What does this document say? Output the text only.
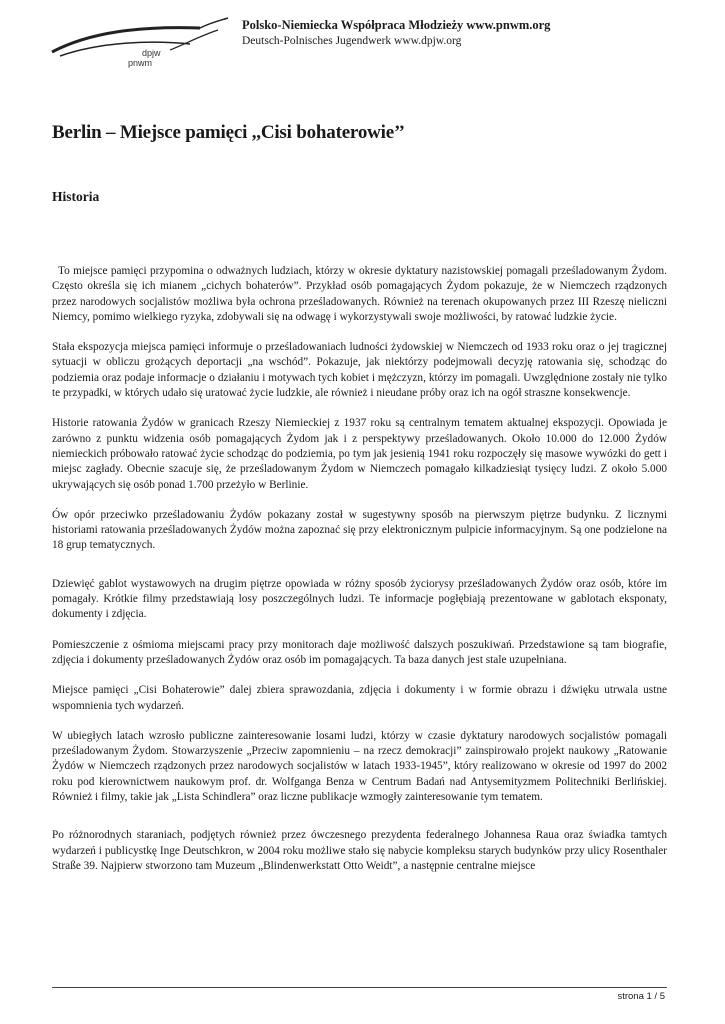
dpjw
pnwm
Polsko-Niemiecka Współpraca Młodzieży www.pnwm.org
Deutsch-Polnisches Jugendwerk www.dpjw.org
Berlin – Miejsce pamięci ,,Cisi bohaterowie’’
Historia

To miejsce pamięci przypomina o odważnych ludziach, którzy w okresie dyktatury nazistowskiej pomagali prześladowanym Żydom. Często określa się ich mianem „cichych bohaterów”. Przykład osób pomagających Żydom pokazuje, że w Niemczech rządzonych przez narodowych socjalistów możliwa była ochrona prześladowanych. Również na terenach okupowanych przez III Rzeszę nieliczni Niemcy, pomimo wielkiego ryzyka, zdobywali się na odwagę i wykorzystywali swoje możliwości, by ratować ludzkie życie.

Stała ekspozycja miejsca pamięci informuje o prześladowaniach ludności żydowskiej w Niemczech od 1933 roku oraz o jej tragicznej sytuacji w obliczu grożących deportacji „na wschód”. Pokazuje, jak niektórzy podejmowali decyzję ratowania się, schodząc do podziemia oraz podaje informacje o działaniu i motywach tych kobiet i mężczyzn, którzy im pomagali. Uwzględnione zostały nie tylko te przypadki, w których udało się uratować życie ludzkie, ale również i nieudane próby oraz ich na ogół straszne konsekwencje.

Historie ratowania Żydów w granicach Rzeszy Niemieckiej z 1937 roku są centralnym tematem aktualnej ekspozycji. Opowiada je zarówno z punktu widzenia osób pomagających Żydom jak i z perspektywy prześladowanych. Około 10.000 do 12.000 Żydów niemieckich próbowało ratować życie schodząc do podziemia, po tym jak jesienią 1941 roku rozpoczęły się masowe wywózki do gett i miejsc zagłady. Obecnie szacuje się, że prześladowanym Żydom w Niemczech pomagało kilkadziesiąt tysięcy ludzi. Z około 5.000 ukrywających się osób ponad 1.700 przeżyło w Berlinie.

Ów opór przeciwko prześladowaniu Żydów pokazany został w sugestywny sposób na pierwszym piętrze budynku. Z licznymi historiami ratowania prześladowanych Żydów można zapoznać się przy elektronicznym pulpicie informacyjnym. Są one podzielone na 18 grup tematycznych.

Dziewięć gablot wystawowych na drugim piętrze opowiada w różny sposób życiorysy prześladowanych Żydów oraz osób, które im pomagały. Krótkie filmy przedstawiają losy poszczególnych ludzi. Te informacje pogłębiają prezentowane w gablotach eksponaty, dokumenty i zdjęcia.

Pomieszczenie z ośmioma miejscami pracy przy monitorach daje możliwość dalszych poszukiwań. Przedstawione są tam biografie, zdjęcia i dokumenty prześladowanych Żydów oraz osób im pomagających. Ta baza danych jest stale uzupełniana.

Miejsce pamięci „Cisi Bohaterowie” dalej zbiera sprawozdania, zdjęcia i dokumenty i w formie obrazu i dźwięku utrwala ustne wspomnienia tych wydarzeń.

W ubiegłych latach wzrosło publiczne zainteresowanie losami ludzi, którzy w czasie dyktatury narodowych socjalistów pomagali prześladowanym Żydom. Stowarzyszenie „Przeciw zapomnieniu – na rzecz demokracji” zainspirowało projekt naukowy „Ratowanie Żydów w Niemczech rządzonych przez narodowych socjalistów w latach 1933-1945”, który realizowano w okresie od 1997 do 2002 roku pod kierownictwem naukowym prof. dr. Wolfganga Benza w Centrum Badań nad Antysemityzmem Politechniki Berlińskiej. Również i filmy, takie jak „Lista Schindlera” oraz liczne publikacje wzmogły zainteresowanie tym tematem.

Po różnorodnych staraniach, podjętych również przez ówczesnego prezydenta federalnego Johannesa Raua oraz świadka tamtych wydarzeń i publicystkę Inge Deutschkron, w 2004 roku możliwe stało się nabycie kompleksu starych budynków przy ulicy Rosenthaler Straße 39. Najpierw stworzono tam Muzeum „Blindenwerkstatt Otto Weidt”, a następnie centralne miejsce

strona 1 / 5
